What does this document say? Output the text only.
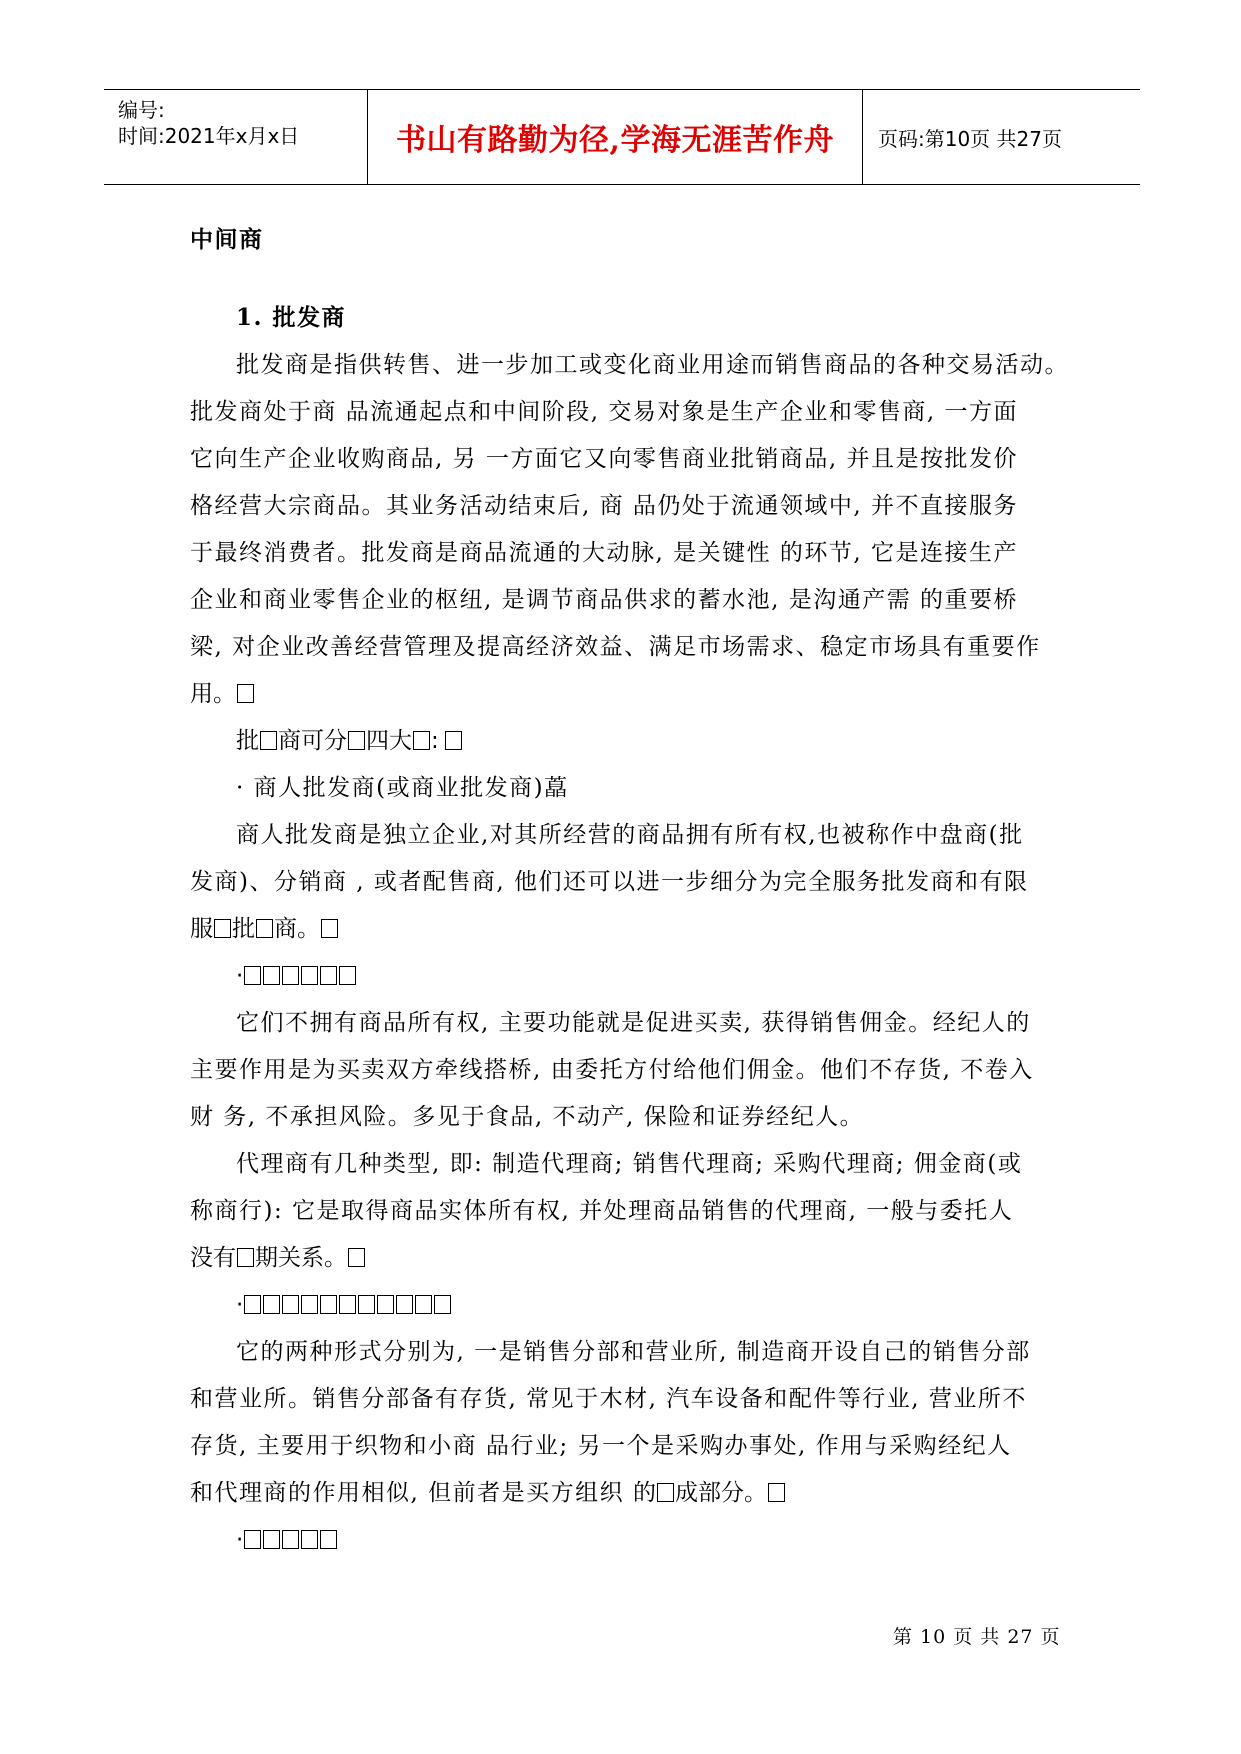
编号:
时间:2021年x月x日	书山有路勤为径,学海无涯苦作舟	页码:第10页 共27页
中间商
1. 批发商
批发商是指供转售、进一步加工或变化商业用途而销售商品的各种交易活动。
批发商处于商 品流通起点和中间阶段, 交易对象是生产企业和零售商, 一方面
它向生产企业收购商品, 另 一方面它又向零售商业批销商品, 并且是按批发价
格经营大宗商品。其业务活动结束后, 商 品仍处于流通领域中, 并不直接服务
于最终消费者。批发商是商品流通的大动脉, 是关键性 的环节, 它是连接生产
企业和商业零售企业的枢纽, 是调节商品供求的蓄水池, 是沟通产需 的重要桥
梁, 对企业改善经营管理及提高经济效益、满足市场需求、稳定市场具有重要作
用。
批 商可分 四大 :
· 商人批发商(或商业批发商)藠
商人批发商是独立企业,对其所经营的商品拥有所有权,也被称作中盘商(批
发商)、分销商 , 或者配售商, 他们还可以进一步细分为完全服务批发商和有限
服 批 商。
·
它们不拥有商品所有权, 主要功能就是促进买卖, 获得销售佣金。经纪人的
主要作用是为买卖双方牵线搭桥, 由委托方付给他们佣金。他们不存货, 不卷入
财 务, 不承担风险。多见于食品, 不动产, 保险和证券经纪人。
代理商有几种类型, 即: 制造代理商; 销售代理商; 采购代理商; 佣金商(或
称商行): 它是取得商品实体所有权, 并处理商品销售的代理商, 一般与委托人
没有 期关系。
·
它的两种形式分别为, 一是销售分部和营业所, 制造商开设自己的销售分部
和营业所。销售分部备有存货, 常见于木材, 汽车设备和配件等行业, 营业所不
存货, 主要用于织物和小商 品行业; 另一个是采购办事处, 作用与采购经纪人
和代理商的作用相似, 但前者是买方组织 的 成部分。
·
第 10 页 共 27 页
